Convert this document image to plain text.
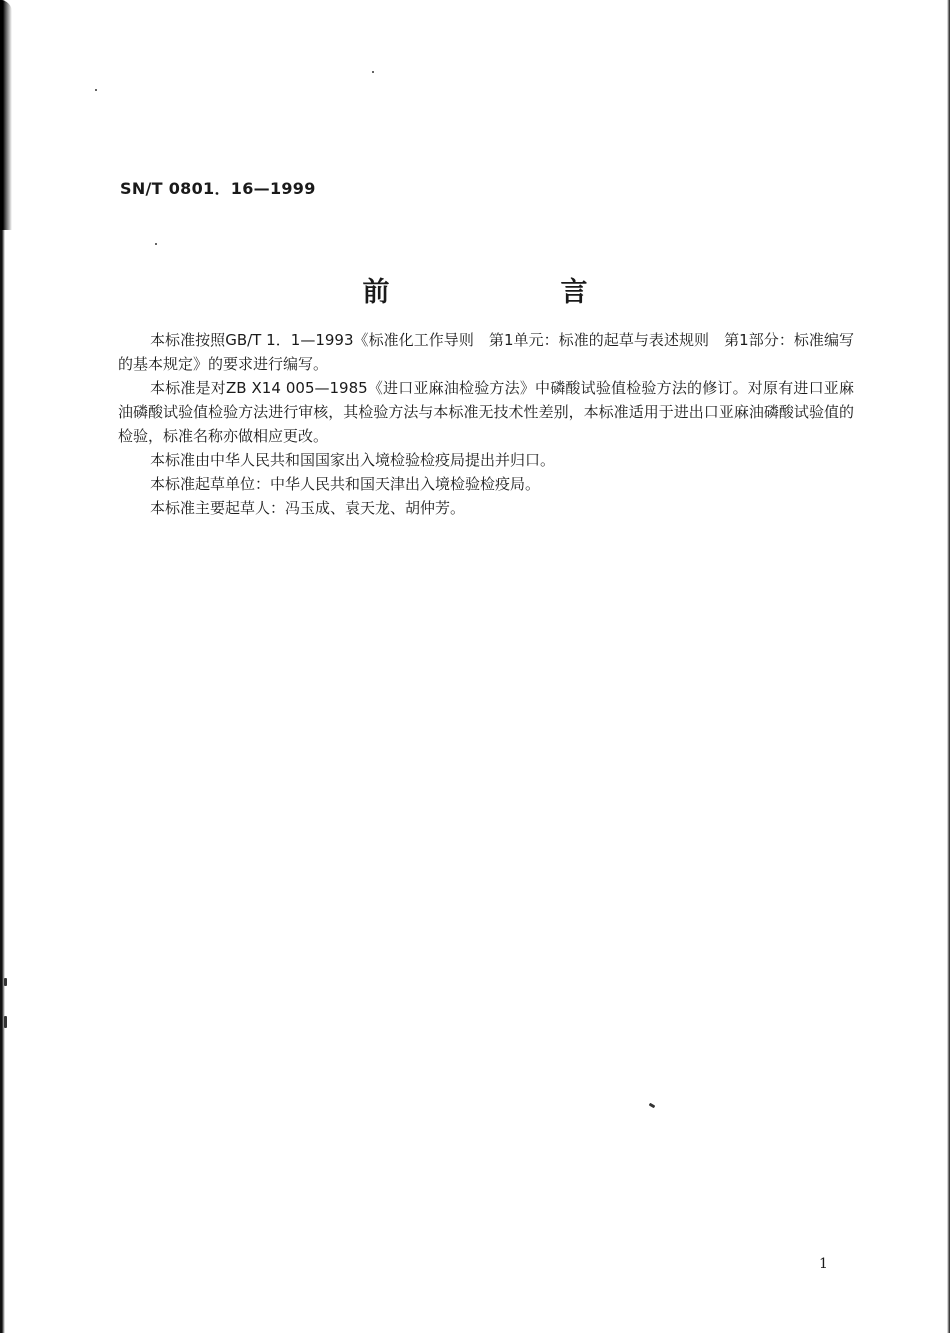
SN/T 0801．16—1999
前　言

本标准按照GB/T 1．1—1993《标准化工作导则　第1单元：标准的起草与表述规则　第1部分：标准编写的基本规定》的要求进行编写。

本标准是对ZB X14 005—1985《进口亚麻油检验方法》中磷酸试验值检验方法的修订。对原有进口亚麻油磷酸试验值检验方法进行审核，其检验方法与本标准无技术性差别，本标准适用于进出口亚麻油磷酸试验值的检验，标准名称亦做相应更改。

本标准由中华人民共和国国家出入境检验检疫局提出并归口。

本标准起草单位：中华人民共和国天津出入境检验检疫局。

本标准主要起草人：冯玉成、袁天龙、胡仲芳。

1
